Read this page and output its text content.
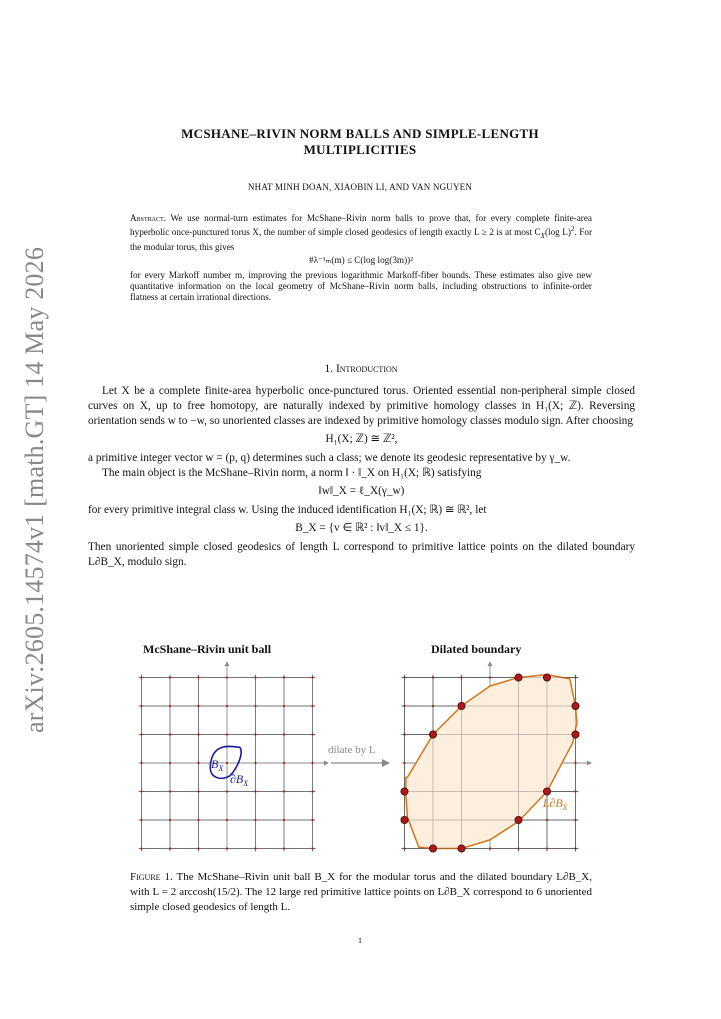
arXiv:2605.14574v1 [math.GT] 14 May 2026
MCSHANE–RIVIN NORM BALLS AND SIMPLE-LENGTH
MULTIPLICITIES
NHAT MINH DOAN, XIAOBIN LI, AND VAN NGUYEN
Abstract. We use normal-turn estimates for McShane–Rivin norm balls to prove that, for every complete finite-area hyperbolic once-punctured torus X, the number of simple closed geodesics of length exactly L ≥ 2 is at most $C_X(\log$ L)$^2$. For the modular torus, this gives
#λ⁻¹ₘ(m) ≤ C(log log(3m))²
for every Markoff number m, improving the previous logarithmic Markoff-fiber bounds. These estimates also give new quantitative information on the local geometry of McShane–Rivin norm balls, including obstructions to infinite-order flatness at certain irrational directions.
1. Introduction

Let X be a complete finite-area hyperbolic once-punctured torus. Oriented essential non-peripheral simple closed curves on X, up to free homotopy, are naturally indexed by primitive homology classes in H₁(X; ℤ). Reversing orientation sends w to −w, so unoriented classes are indexed by primitive homology classes modulo sign. After choosing

H₁(X; ℤ) ≅ ℤ²,

a primitive integer vector w = (p, q) determines such a class; we denote its geodesic representative by γ_w.

The main object is the McShane–Rivin norm, a norm ‖ · ‖_X on H₁(X; ℝ) satisfying

‖w‖_X = ℓ_X(γ_w)

for every primitive integral class w. Using the induced identification H₁(X; ℝ) ≅ ℝ², let

B_X = {v ∈ ℝ² : ‖v‖_X ≤ 1}.

Then unoriented simple closed geodesics of length L correspond to primitive lattice points on the dilated boundary L∂B_X, modulo sign.

McShane–Rivin unit ball	Dilated boundary
$B_X$
$\partial B_X$
$L\partial B_X$
dilate by L
Figure 1. The McShane–Rivin unit ball B_X for the modular torus and the dilated boundary L∂B_X, with L = 2 arccosh(15/2). The 12 large red primitive lattice points on L∂B_X correspond to 6 unoriented simple closed geodesics of length L.
1
